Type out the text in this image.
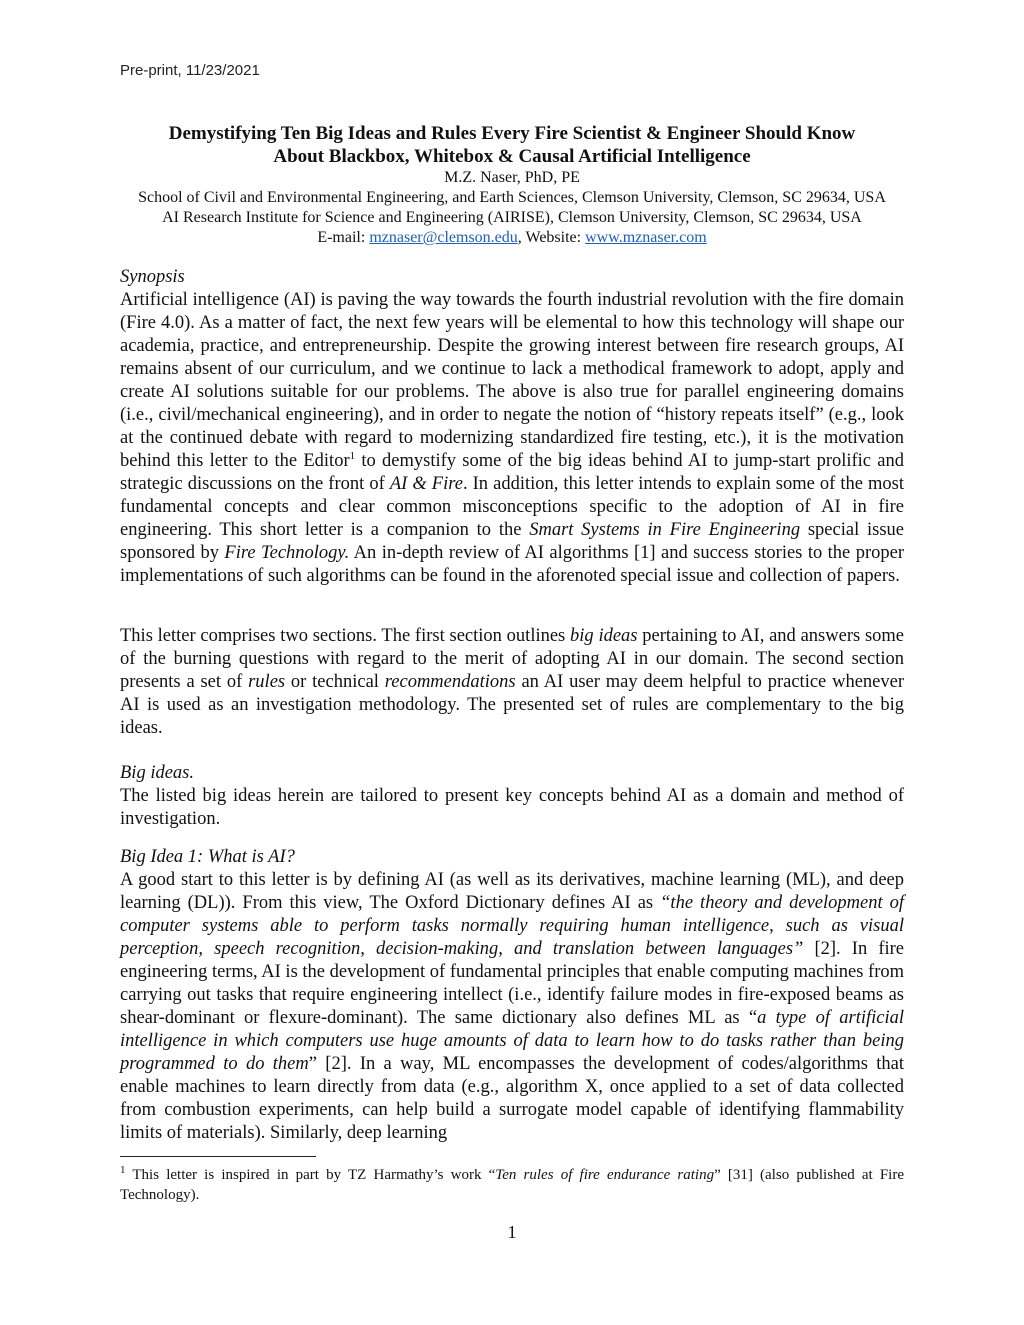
Pre-print, 11/23/2021
Demystifying Ten Big Ideas and Rules Every Fire Scientist & Engineer Should Know
About Blackbox, Whitebox & Causal Artificial Intelligence
M.Z. Naser, PhD, PE
School of Civil and Environmental Engineering, and Earth Sciences, Clemson University, Clemson, SC 29634, USA
AI Research Institute for Science and Engineering (AIRISE), Clemson University, Clemson, SC 29634, USA
E-mail: mznaser@clemson.edu, Website: www.mznaser.com
Synopsis

Artificial intelligence (AI) is paving the way towards the fourth industrial revolution with the fire domain (Fire 4.0). As a matter of fact, the next few years will be elemental to how this technology will shape our academia, practice, and entrepreneurship. Despite the growing interest between fire research groups, AI remains absent of our curriculum, and we continue to lack a methodical framework to adopt, apply and create AI solutions suitable for our problems. The above is also true for parallel engineering domains (i.e., civil/mechanical engineering), and in order to negate the notion of “history repeats itself” (e.g., look at the continued debate with regard to modernizing standardized fire testing, etc.), it is the motivation behind this letter to the Editor$^1$ to demystify some of the big ideas behind AI to jump-start prolific and strategic discussions on the front of AI & Fire. In addition, this letter intends to explain some of the most fundamental concepts and clear common misconceptions specific to the adoption of AI in fire engineering. This short letter is a companion to the Smart Systems in Fire Engineering special issue sponsored by Fire Technology. An in-depth review of AI algorithms [1] and success stories to the proper implementations of such algorithms can be found in the aforenoted special issue and collection of papers.

This letter comprises two sections. The first section outlines big ideas pertaining to AI, and answers some of the burning questions with regard to the merit of adopting AI in our domain. The second section presents a set of rules or technical recommendations an AI user may deem helpful to practice whenever AI is used as an investigation methodology. The presented set of rules are complementary to the big ideas.

Big ideas.
The listed big ideas herein are tailored to present key concepts behind AI as a domain and method of investigation.
Big Idea 1: What is AI?

A good start to this letter is by defining AI (as well as its derivatives, machine learning (ML), and deep learning (DL)). From this view, The Oxford Dictionary defines AI as “the theory and development of computer systems able to perform tasks normally requiring human intelligence, such as visual perception, speech recognition, decision-making, and translation between languages” [2]. In fire engineering terms, AI is the development of fundamental principles that enable computing machines from carrying out tasks that require engineering intellect (i.e., identify failure modes in fire-exposed beams as shear-dominant or flexure-dominant). The same dictionary also defines ML as “a type of artificial intelligence in which computers use huge amounts of data to learn how to do tasks rather than being programmed to do them” [2]. In a way, ML encompasses the development of codes/algorithms that enable machines to learn directly from data (e.g., algorithm X, once applied to a set of data collected from combustion experiments, can help build a surrogate model capable of identifying flammability limits of materials). Similarly, deep learning

$^1$ This letter is inspired in part by TZ Harmathy’s work “Ten rules of fire endurance rating” [31] (also published at Fire Technology).
1
